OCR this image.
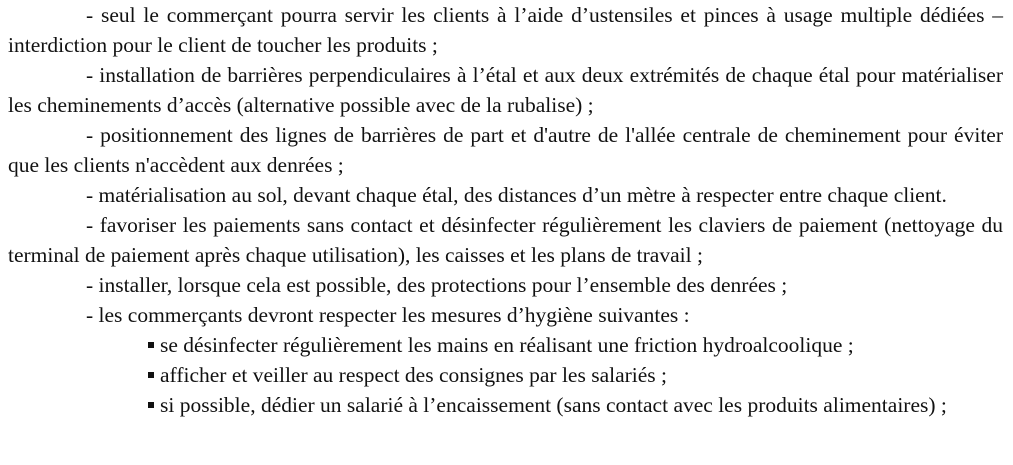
- seul le commerçant pourra servir les clients à l’aide d’ustensiles et pinces à usage multiple dédiées – interdiction pour le client de toucher les produits ;

- installation de barrières perpendiculaires à l’étal et aux deux extrémités de chaque étal pour matérialiser les cheminements d’accès (alternative possible avec de la rubalise) ;

- positionnement des lignes de barrières de part et d'autre de l'allée centrale de cheminement pour éviter que les clients n'accèdent aux denrées ;

- matérialisation au sol, devant chaque étal, des distances d’un mètre à respecter entre chaque client.

- favoriser les paiements sans contact et désinfecter régulièrement les claviers de paiement (nettoyage du terminal de paiement après chaque utilisation), les caisses et les plans de travail ;

- installer, lorsque cela est possible, des protections pour l’ensemble des denrées ;

- les commerçants devront respecter les mesures d’hygiène suivantes :

se désinfecter régulièrement les mains en réalisant une friction hydroalcoolique ;

afficher et veiller au respect des consignes par les salariés ;

si possible, dédier un salarié à l’encaissement (sans contact avec les produits alimentaires) ;
